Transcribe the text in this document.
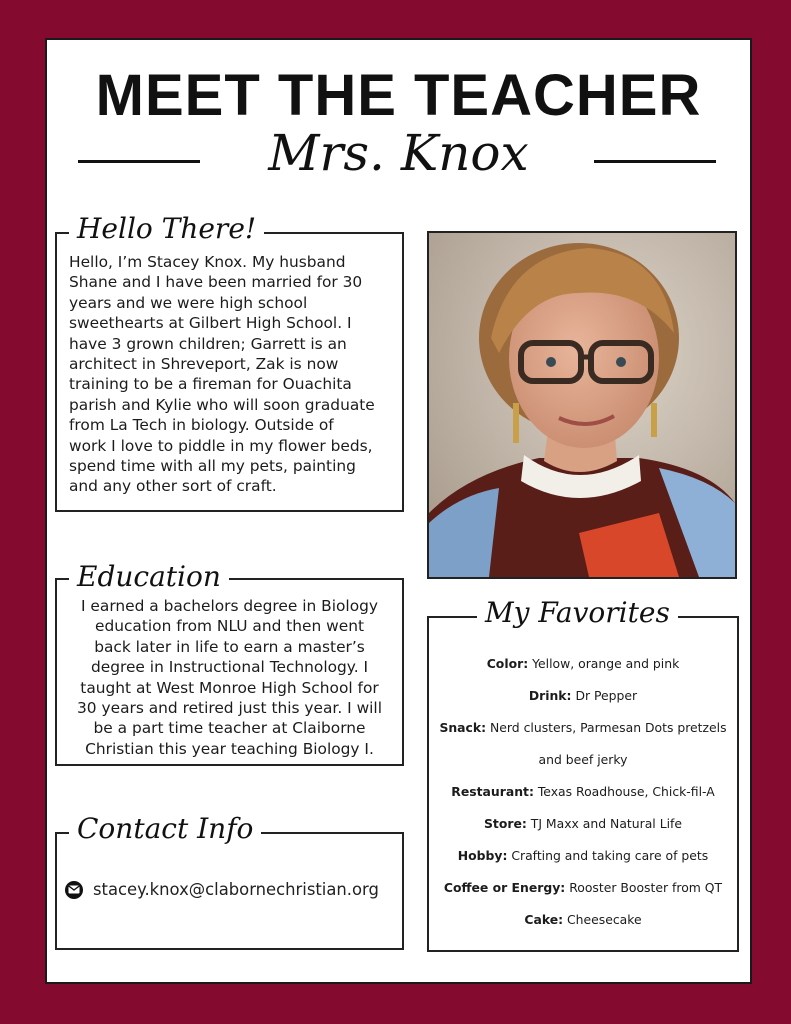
MEET THE TEACHER
Mrs. Knox
Hello There!
Hello, I’m Stacey Knox. My husband
Shane and I have been married for 30
years and we were high school
sweethearts at Gilbert High School. I
have 3 grown children; Garrett is an
architect in Shreveport, Zak is now
training to be a fireman for Ouachita
parish and Kylie who will soon graduate
from La Tech in biology. Outside of
work I love to piddle in my flower beds,
spend time with all my pets, painting
and any other sort of craft.
Education
I earned a bachelors degree in Biology
education from NLU and then went
back later in life to earn a master’s
degree in Instructional Technology. I
taught at West Monroe High School for
30 years and retired just this year. I will
be a part time teacher at Claiborne
Christian this year teaching Biology I.
My Favorites
Color: Yellow, orange and pink
Drink: Dr Pepper
Snack: Nerd clusters, Parmesan Dots pretzels
and beef jerky
Restaurant: Texas Roadhouse, Chick-fil-A
Store: TJ Maxx and Natural Life
Hobby: Crafting and taking care of pets
Coffee or Energy: Rooster Booster from QT
Cake: Cheesecake
Contact Info
stacey.knox@clabornechristian.org
